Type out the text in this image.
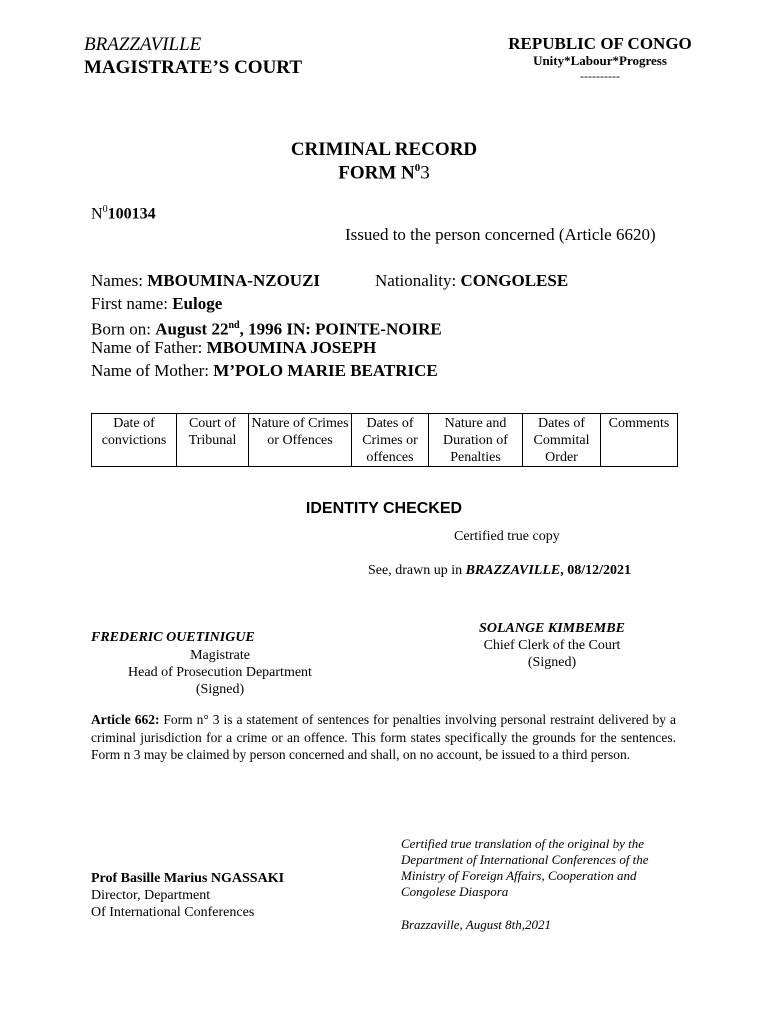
BRAZZAVILLE
MAGISTRATE’S COURT
REPUBLIC OF CONGO
Unity*Labour*Progress
----------
CRIMINAL RECORD
FORM $N^03$
$N^0100134$
Issued to the person concerned (Article 6620)
Names: MBOUMINA-NZOUZI	Nationality: CONGOLESE
First name: Euloge
Born on: August 22nd, 1996 IN: POINTE-NOIRE
Name of Father: MBOUMINA JOSEPH
Name of Mother: M’POLO MARIE BEATRICE
Date of convictions	Court of Tribunal	Nature of Crimes or Offences	Dates of Crimes or offences	Nature and Duration of Penalties	Dates of Commital Order	Comments
IDENTITY CHECKED
Certified true copy
See, drawn up in BRAZZAVILLE, 08/12/2021
FREDERIC OUETINIGUE
Magistrate
Head of Prosecution Department
(Signed)
SOLANGE KIMBEMBE
Chief Clerk of the Court
(Signed)
Article 662: Form n° 3 is a statement of sentences for penalties involving personal restraint delivered by a criminal jurisdiction for a crime or an offence. This form states specifically the grounds for the sentences. Form n 3 may be claimed by person concerned and shall, on no account, be issued to a third person.
Prof Basille Marius NGASSAKI
Director, Department
Of International Conferences
Certified true translation of the original by the
Department of International Conferences of the
Ministry of Foreign Affairs, Cooperation and
Congolese Diaspora
Brazzaville, August 8th,2021
